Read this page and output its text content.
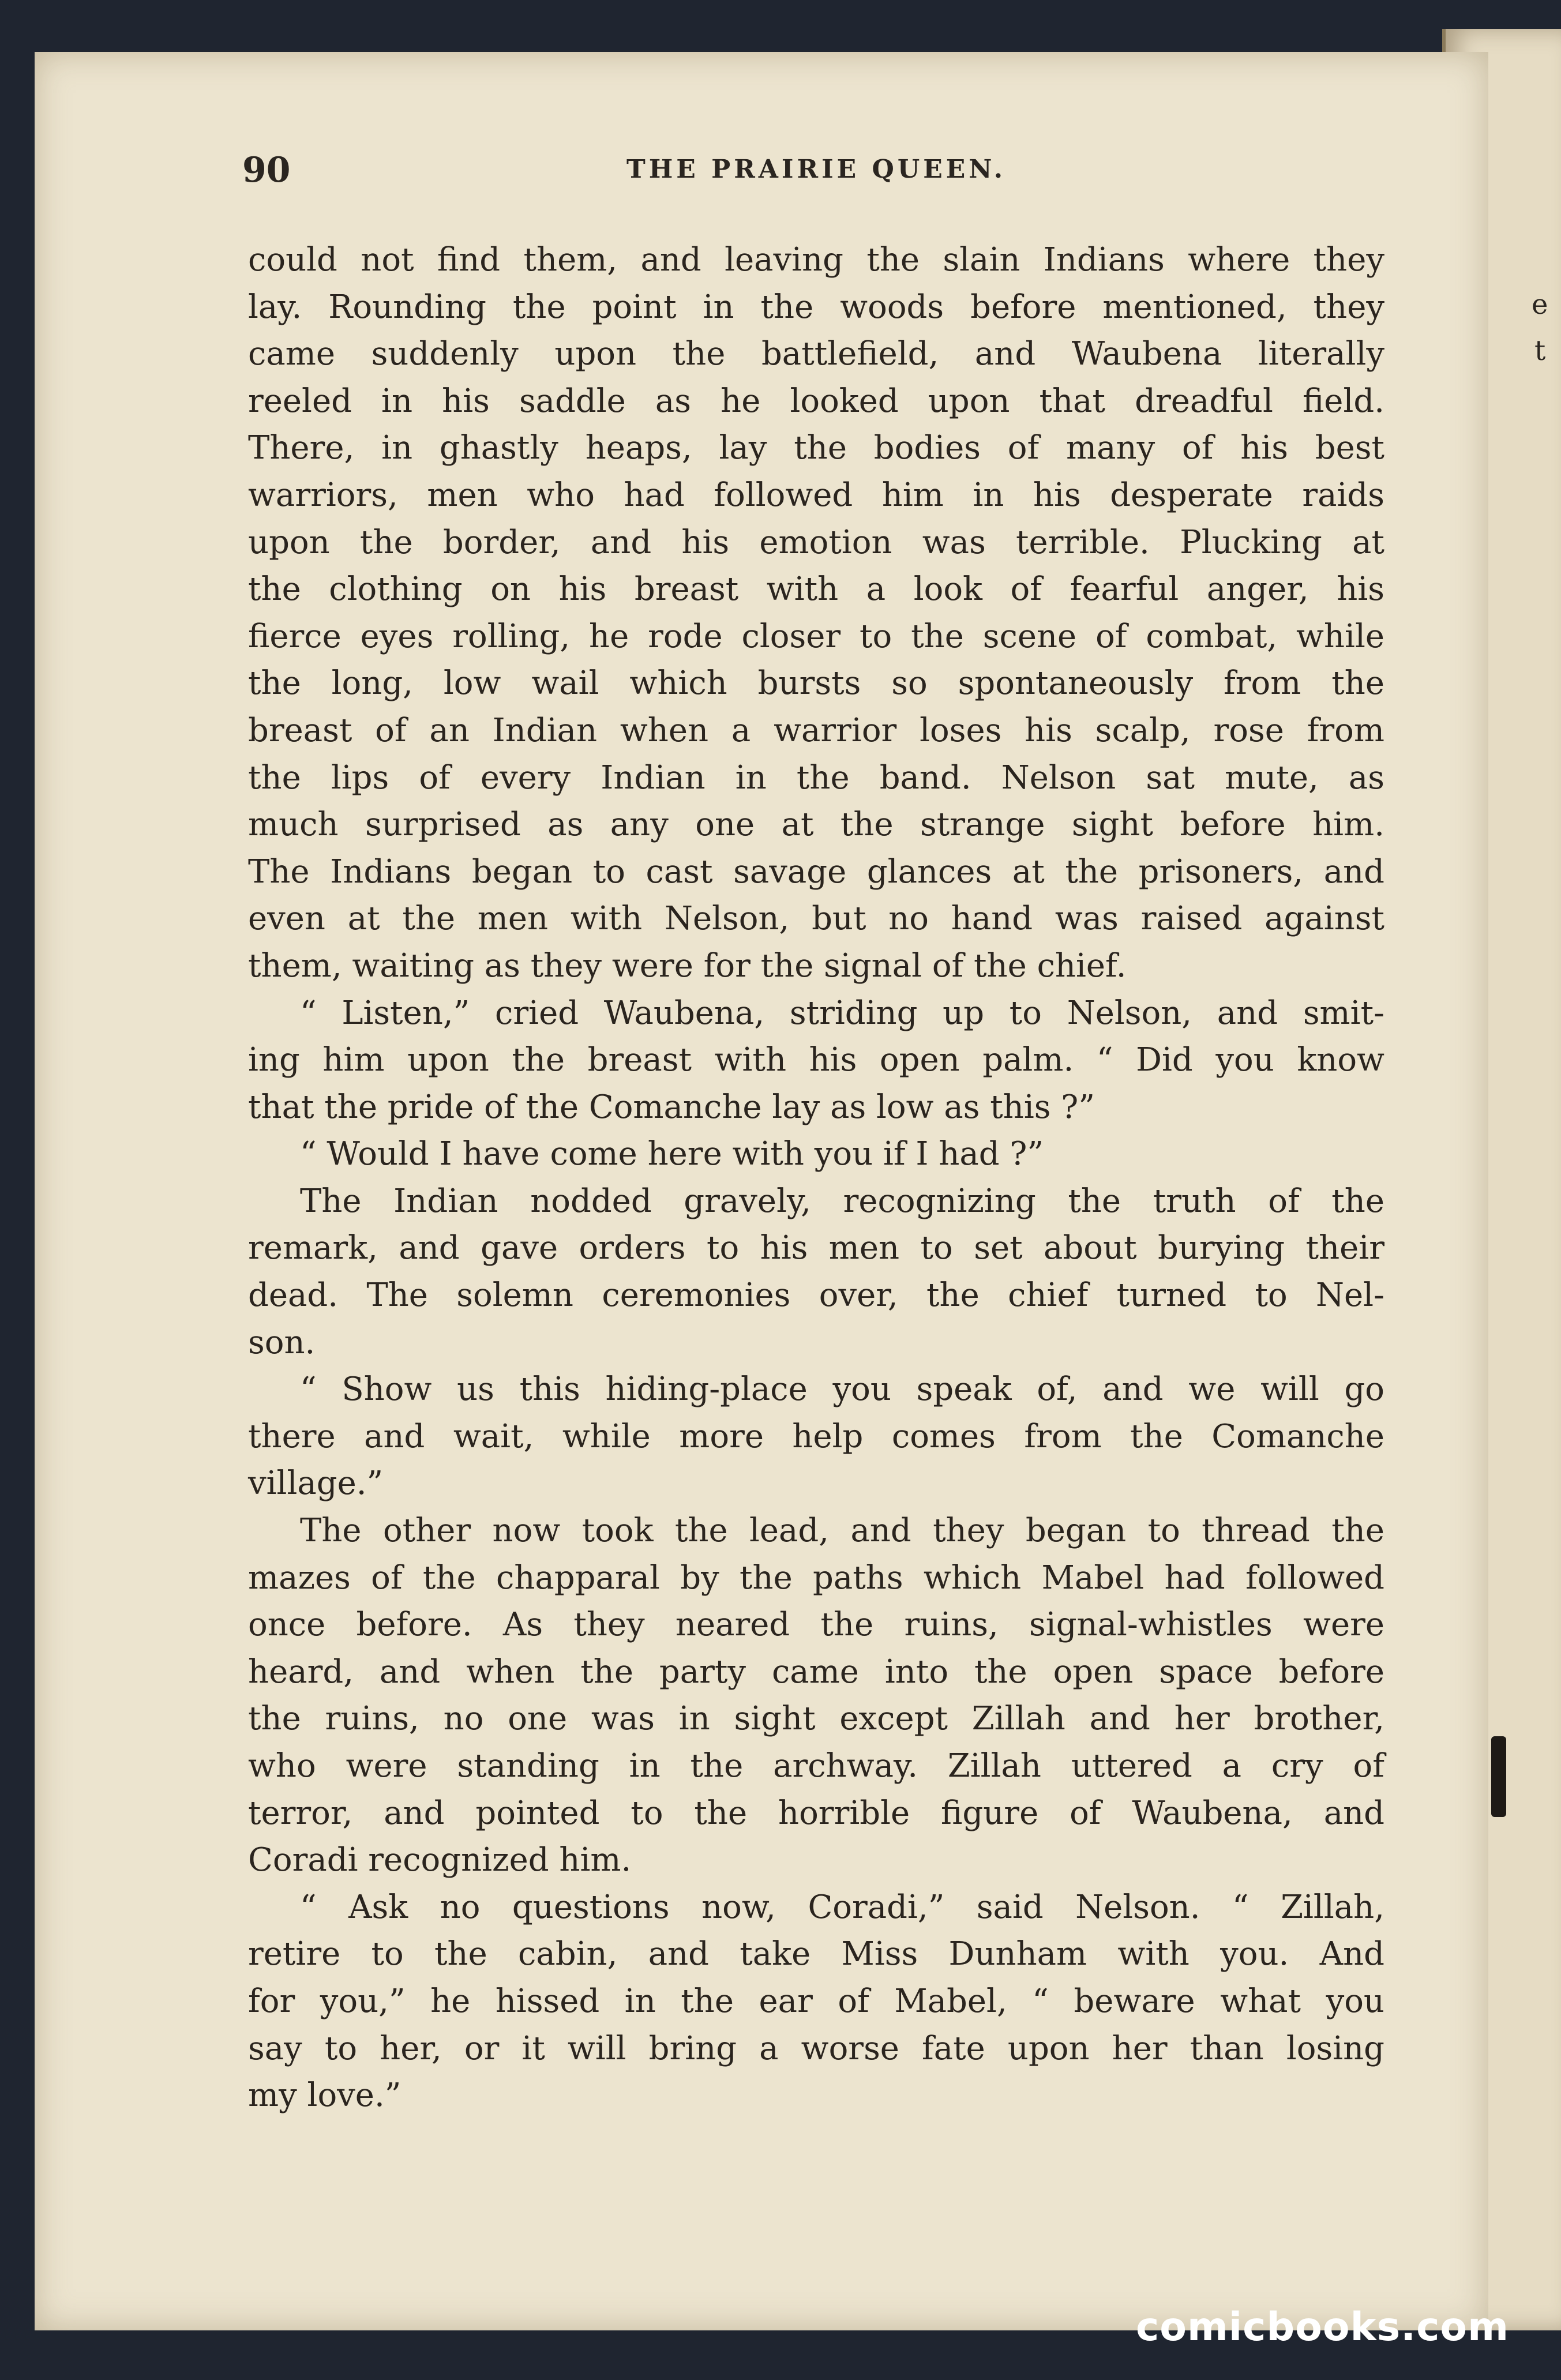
e
t
90	THE PRAIRIE QUEEN.
could not find them, and leaving the slain Indians where they
lay. Rounding the point in the woods before mentioned, they
came suddenly upon the battlefield, and Waubena literally
reeled in his saddle as he looked upon that dreadful field.
There, in ghastly heaps, lay the bodies of many of his best
warriors, men who had followed him in his desperate raids
upon the border, and his emotion was terrible. Plucking at
the clothing on his breast with a look of fearful anger, his
fierce eyes rolling, he rode closer to the scene of combat, while
the long, low wail which bursts so spontaneously from the
breast of an Indian when a warrior loses his scalp, rose from
the lips of every Indian in the band. Nelson sat mute, as
much surprised as any one at the strange sight before him.
The Indians began to cast savage glances at the prisoners, and
even at the men with Nelson, but no hand was raised against
them, waiting as they were for the signal of the chief.
“ Listen,” cried Waubena, striding up to Nelson, and smit-
ing him upon the breast with his open palm. “ Did you know
that the pride of the Comanche lay as low as this ?”
“ Would I have come here with you if I had ?”
The Indian nodded gravely, recognizing the truth of the
remark, and gave orders to his men to set about burying their
dead. The solemn ceremonies over, the chief turned to Nel-
son.
“ Show us this hiding-place you speak of, and we will go
there and wait, while more help comes from the Comanche
village.”
The other now took the lead, and they began to thread the
mazes of the chapparal by the paths which Mabel had followed
once before. As they neared the ruins, signal-whistles were
heard, and when the party came into the open space before
the ruins, no one was in sight except Zillah and her brother,
who were standing in the archway. Zillah uttered a cry of
terror, and pointed to the horrible figure of Waubena, and
Coradi recognized him.
“ Ask no questions now, Coradi,” said Nelson. “ Zillah,
retire to the cabin, and take Miss Dunham with you. And
for you,” he hissed in the ear of Mabel, “ beware what you
say to her, or it will bring a worse fate upon her than losing
my love.”
comicbooks.com
